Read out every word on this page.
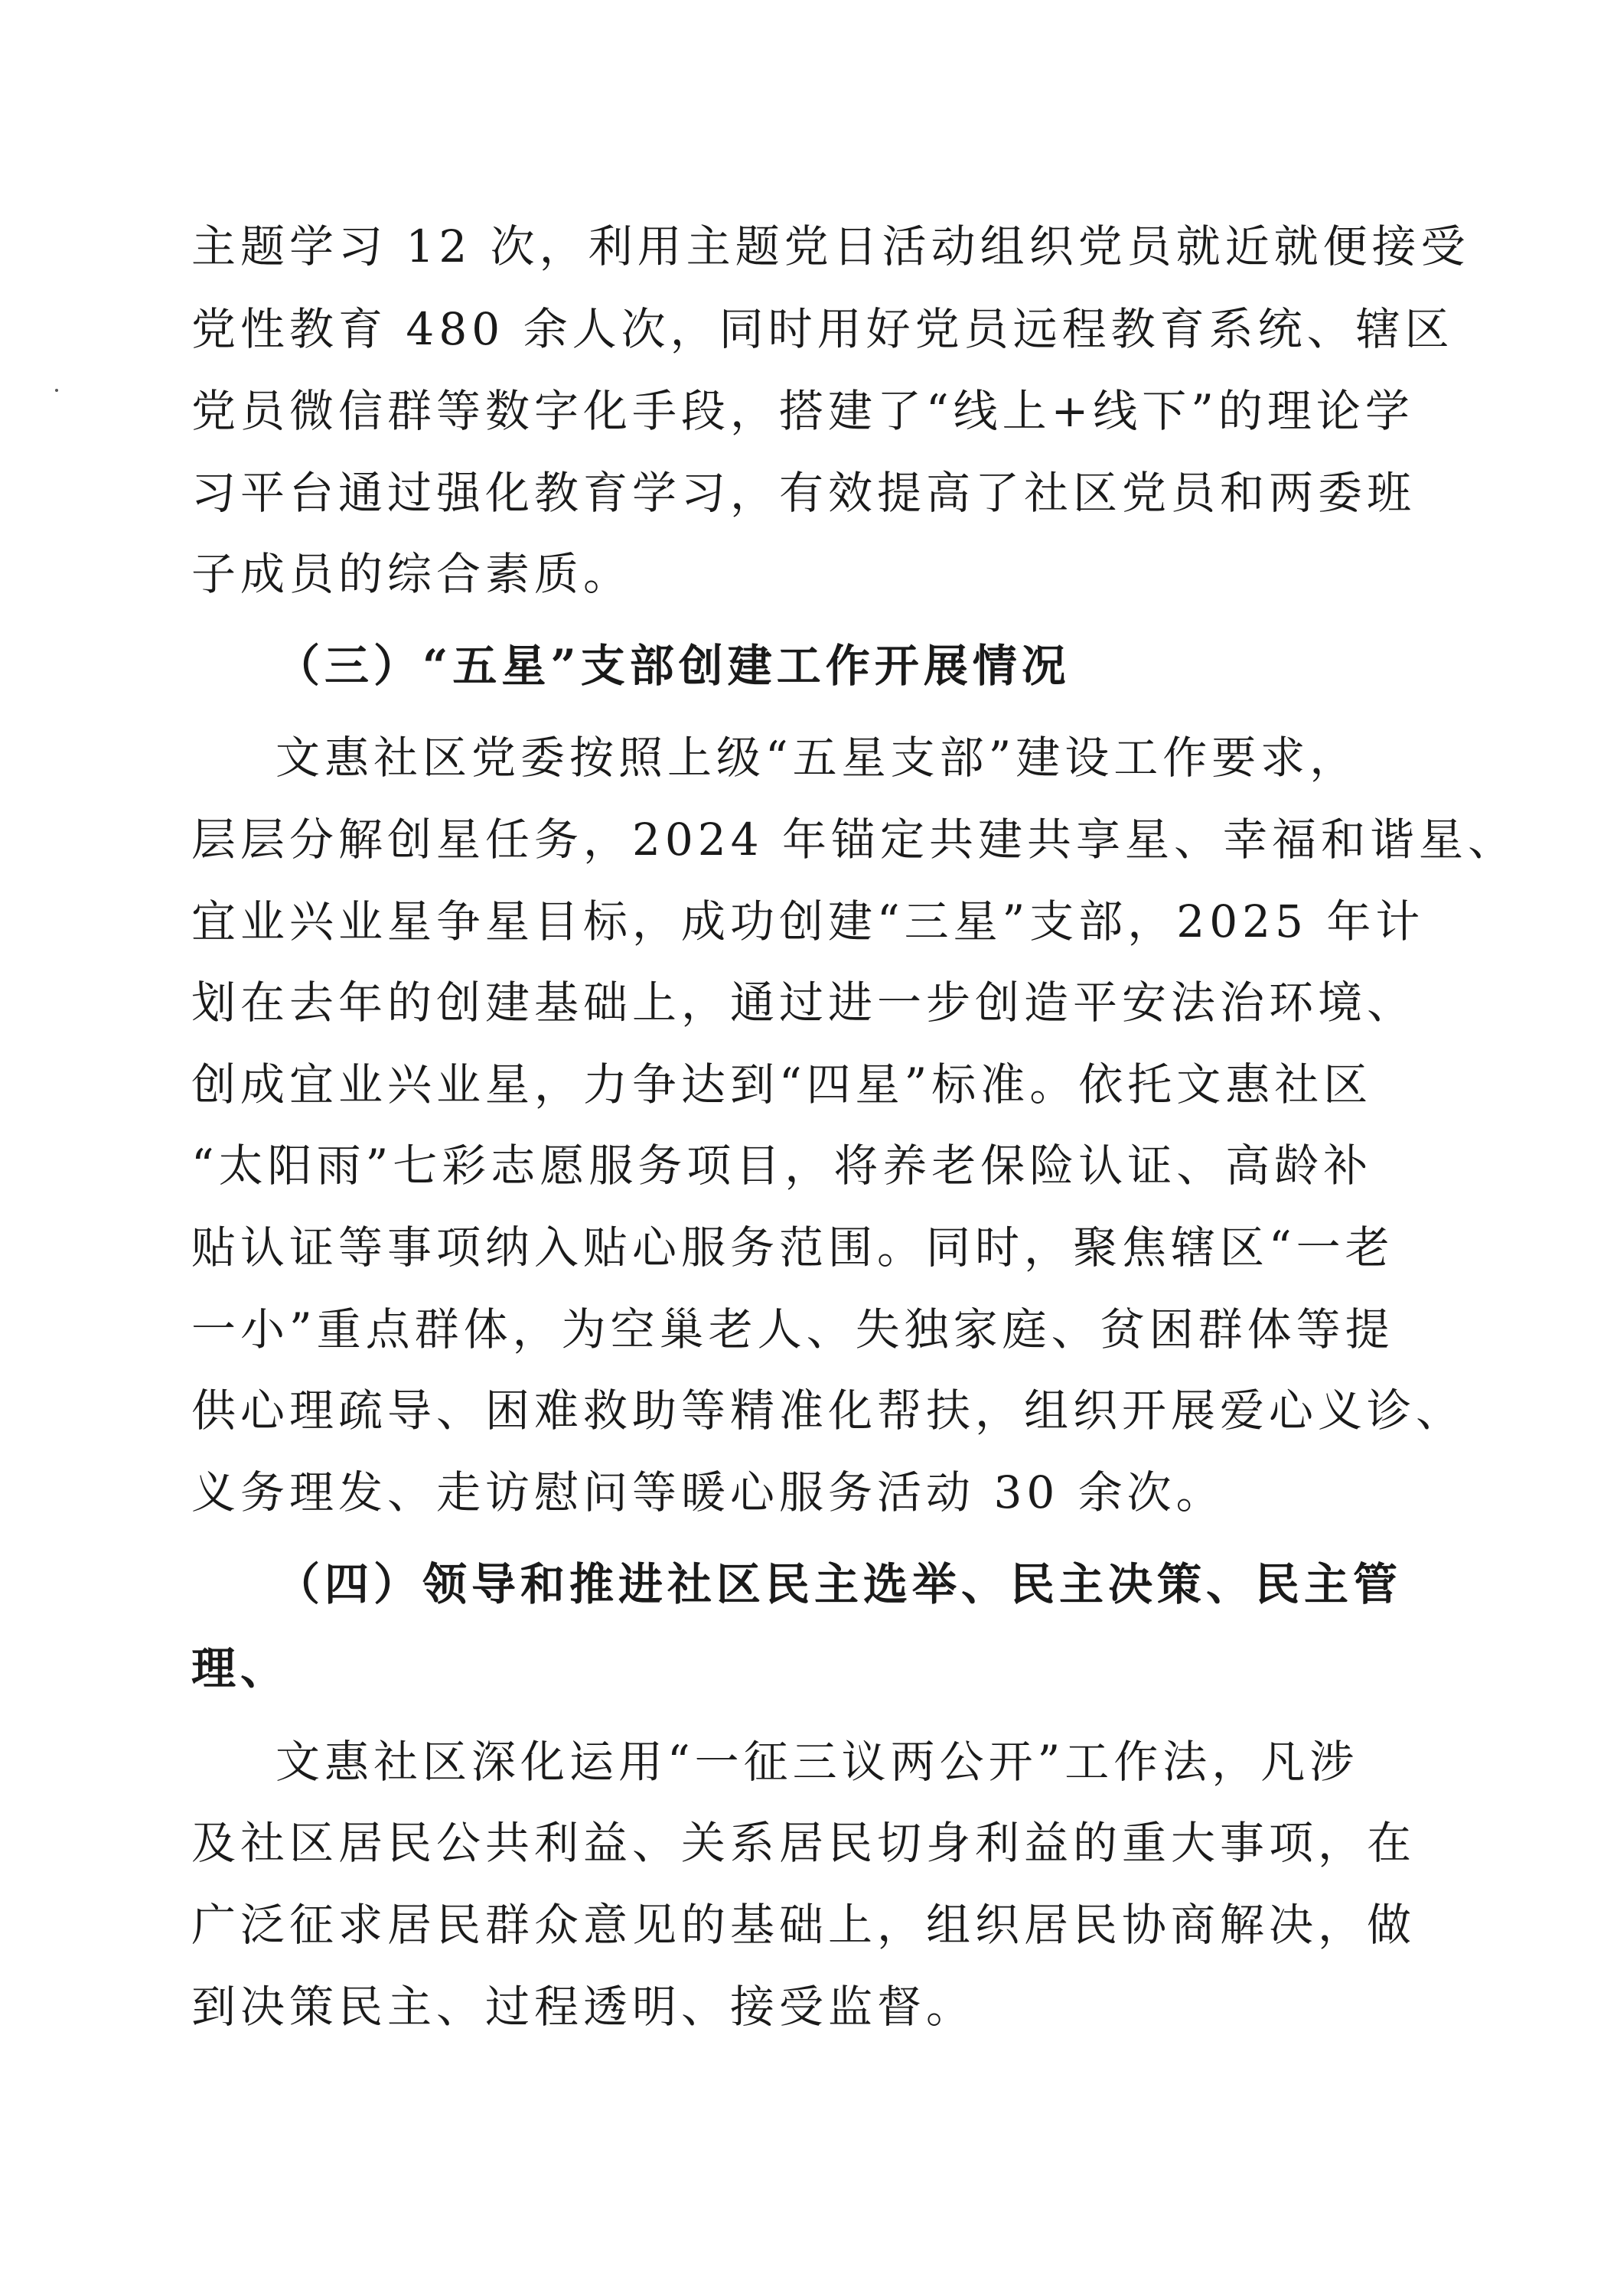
主题学习 12 次，利用主题党日活动组织党员就近就便接受
党性教育 480 余人次，同时用好党员远程教育系统、辖区
党员微信群等数字化手段，搭建了“线上+线下”的理论学
习平台通过强化教育学习，有效提高了社区党员和两委班
子成员的综合素质。
（三）“五星”支部创建工作开展情况
文惠社区党委按照上级“五星支部”建设工作要求，
层层分解创星任务，2024 年锚定共建共享星、幸福和谐星、
宜业兴业星争星目标，成功创建“三星”支部，2025 年计
划在去年的创建基础上，通过进一步创造平安法治环境、
创成宜业兴业星，力争达到“四星”标准。依托文惠社区
“太阳雨”七彩志愿服务项目，将养老保险认证、高龄补
贴认证等事项纳入贴心服务范围。同时，聚焦辖区“一老
一小”重点群体，为空巢老人、失独家庭、贫困群体等提
供心理疏导、困难救助等精准化帮扶，组织开展爱心义诊、
义务理发、走访慰问等暖心服务活动 30 余次。
（四）领导和推进社区民主选举、民主决策、民主管
理、
文惠社区深化运用“一征三议两公开”工作法，凡涉
及社区居民公共利益、关系居民切身利益的重大事项，在
广泛征求居民群众意见的基础上，组织居民协商解决，做
到决策民主、过程透明、接受监督。
